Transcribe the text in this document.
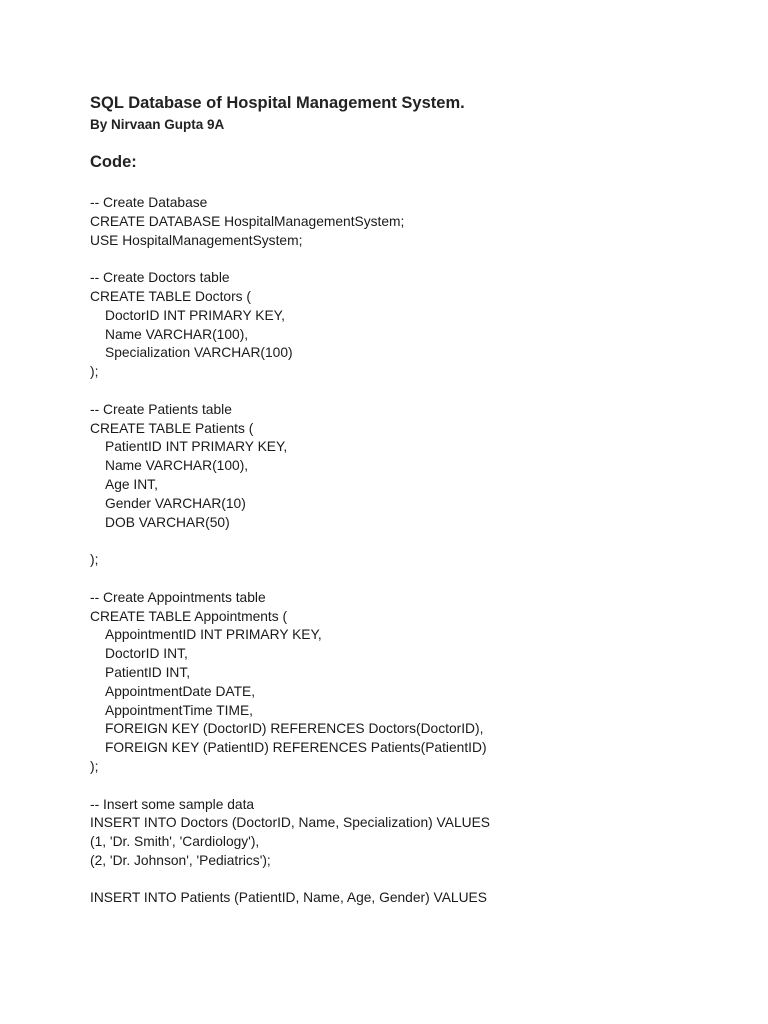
SQL Database of Hospital Management System.
By Nirvaan Gupta 9A
Code:
-- Create Database
CREATE DATABASE HospitalManagementSystem;
USE HospitalManagementSystem;
-- Create Doctors table
CREATE TABLE Doctors (
DoctorID INT PRIMARY KEY,
Name VARCHAR(100),
Specialization VARCHAR(100)
);
-- Create Patients table
CREATE TABLE Patients (
PatientID INT PRIMARY KEY,
Name VARCHAR(100),
Age INT,
Gender VARCHAR(10)
DOB VARCHAR(50)
);
-- Create Appointments table
CREATE TABLE Appointments (
AppointmentID INT PRIMARY KEY,
DoctorID INT,
PatientID INT,
AppointmentDate DATE,
AppointmentTime TIME,
FOREIGN KEY (DoctorID) REFERENCES Doctors(DoctorID),
FOREIGN KEY (PatientID) REFERENCES Patients(PatientID)
);
-- Insert some sample data
INSERT INTO Doctors (DoctorID, Name, Specialization) VALUES
(1, 'Dr. Smith', 'Cardiology'),
(2, 'Dr. Johnson', 'Pediatrics');
INSERT INTO Patients (PatientID, Name, Age, Gender) VALUES
